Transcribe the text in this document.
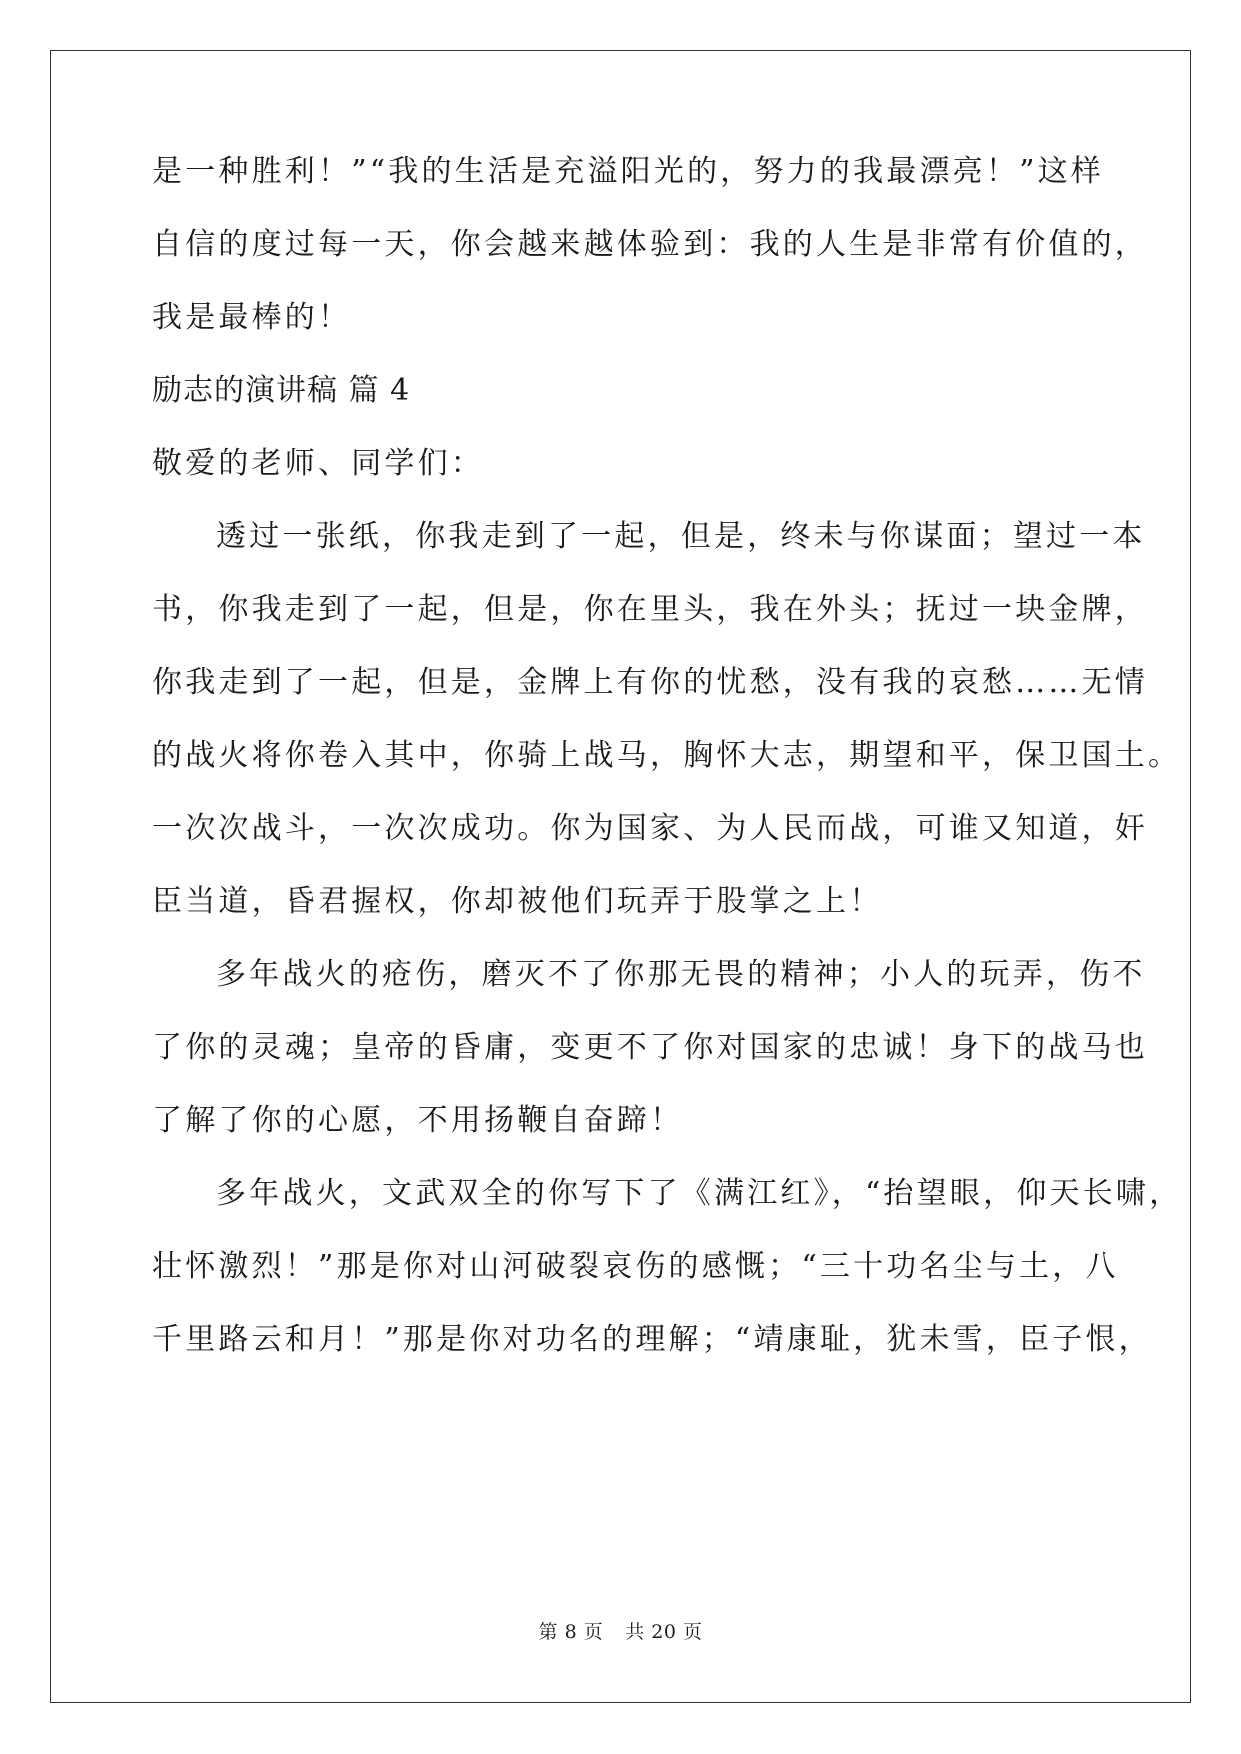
是一种胜利！”“我的生活是充溢阳光的，努力的我最漂亮！”这样
自信的度过每一天，你会越来越体验到：我的人生是非常有价值的，
我是最棒的！
励志的演讲稿 篇 4
敬爱的老师、同学们：
透过一张纸，你我走到了一起，但是，终未与你谋面；望过一本
书，你我走到了一起，但是，你在里头，我在外头；抚过一块金牌，
你我走到了一起，但是，金牌上有你的忧愁，没有我的哀愁……无情
的战火将你卷入其中，你骑上战马，胸怀大志，期望和平，保卫国土。
一次次战斗，一次次成功。你为国家、为人民而战，可谁又知道，奸
臣当道，昏君握权，你却被他们玩弄于股掌之上！
多年战火的疮伤，磨灭不了你那无畏的精神；小人的玩弄，伤不
了你的灵魂；皇帝的昏庸，变更不了你对国家的忠诚！身下的战马也
了解了你的心愿，不用扬鞭自奋蹄！
多年战火，文武双全的你写下了《满江红》，“抬望眼，仰天长啸，
壮怀激烈！”那是你对山河破裂哀伤的感慨；“三十功名尘与土，八
千里路云和月！”那是你对功名的理解；“靖康耻，犹未雪，臣子恨，
第 8 页 共 20 页
